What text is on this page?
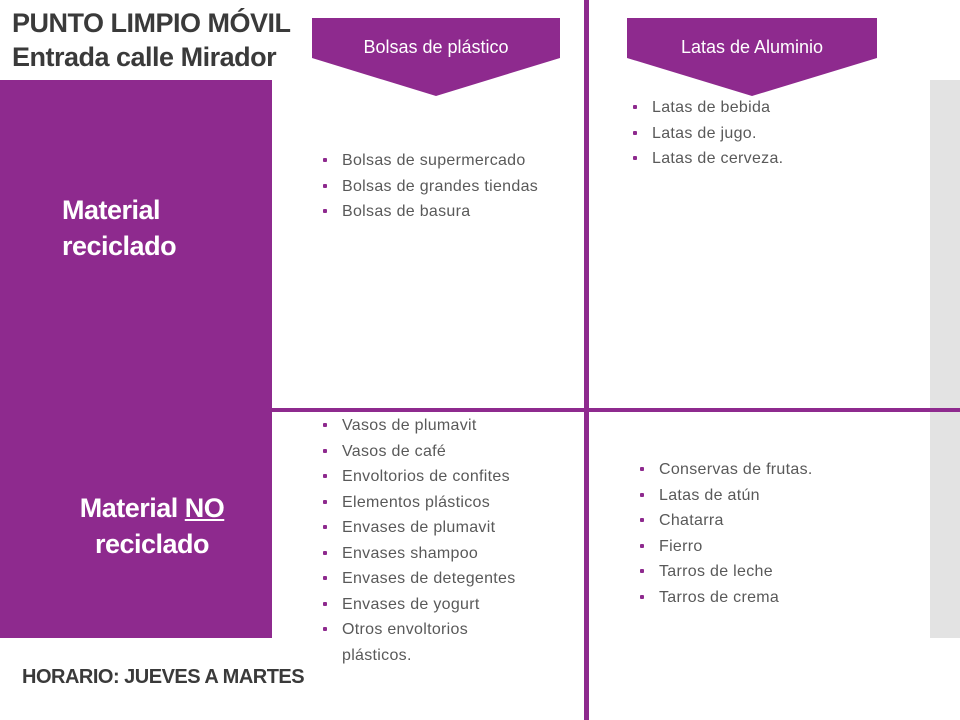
PUNTO LIMPIO MÓVIL
Entrada calle Mirador
Material
reciclado
Material NO
reciclado
Bolsas de plástico	Latas de Aluminio
Bolsas de supermercado
Bolsas de grandes tiendas
Bolsas de basura
Latas de bebida
Latas de jugo.
Latas de cerveza.
Vasos de plumavit
Vasos de café
Envoltorios de confites
Elementos plásticos
Envases de plumavit
Envases shampoo
Envases de detegentes
Envases de yogurt
Otros envoltorios plásticos.
Conservas de frutas.
Latas de atún
Chatarra
Fierro
Tarros de leche
Tarros de crema
HORARIO: JUEVES A MARTES
